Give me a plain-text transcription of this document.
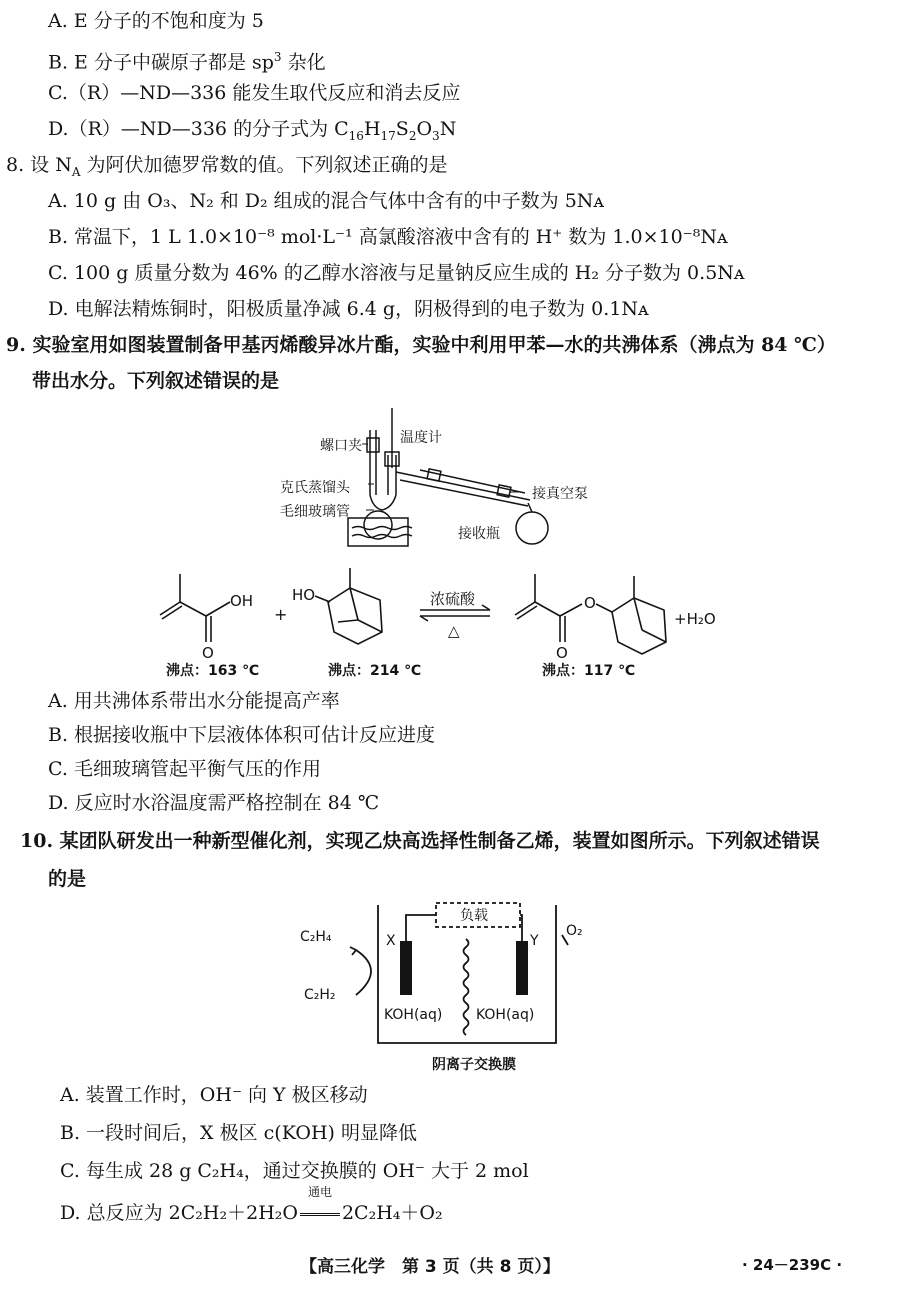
A. E 分子的不饱和度为 5
B. E 分子中碳原子都是 $sp^3$ 杂化
C.（R）—ND—336 能发生取代反应和消去反应
D.（R）—ND—336 的分子式为 $C_{16}H_{17}S_2O_3N$
8. 设 $N_A$ 为阿伏加德罗常数的值。下列叙述正确的是
A. 10 g 由 O₃、N₂ 和 D₂ 组成的混合气体中含有的中子数为 5Nᴀ
B. 常温下，1 L 1.0×10⁻⁸ mol·L⁻¹ 高氯酸溶液中含有的 H⁺ 数为 1.0×10⁻⁸Nᴀ
C. 100 g 质量分数为 46% 的乙醇水溶液与足量钠反应生成的 H₂ 分子数为 0.5Nᴀ
D. 电解法精炼铜时，阳极质量净减 6.4 g，阴极得到的电子数为 0.1Nᴀ
9. 实验室用如图装置制备甲基丙烯酸异冰片酯，实验中利用甲苯—水的共沸体系（沸点为 84 ℃）
带出水分。下列叙述错误的是
螺口夹	温度计
克氏蒸馏头
毛细玻璃管
接真空泵
接收瓶
OH
O
+
HO	浓硫酸
△
O
O
+H₂O
沸点：163 ℃	沸点：214 ℃	沸点：117 ℃
A. 用共沸体系带出水分能提高产率
B. 根据接收瓶中下层液体体积可估计反应进度
C. 毛细玻璃管起平衡气压的作用
D. 反应时水浴温度需严格控制在 84 ℃
10. 某团队研发出一种新型催化剂，实现乙炔高选择性制备乙烯，装置如图所示。下列叙述错误
的是
负载
X	Y
C₂H₄
C₂H₂
O₂
KOH(aq) KOH(aq)
阴离子交换膜
A. 装置工作时，OH⁻ 向 Y 极区移动
B. 一段时间后，X 极区 c(KOH) 明显降低
C. 每生成 28 g C₂H₄，通过交换膜的 OH⁻ 大于 2 mol
D. 总反应为 2C₂H₂＋2H₂O
通电
2C₂H₄＋O₂
【高三化学　第 3 页（共 8 页）】	· 24－239C ·
